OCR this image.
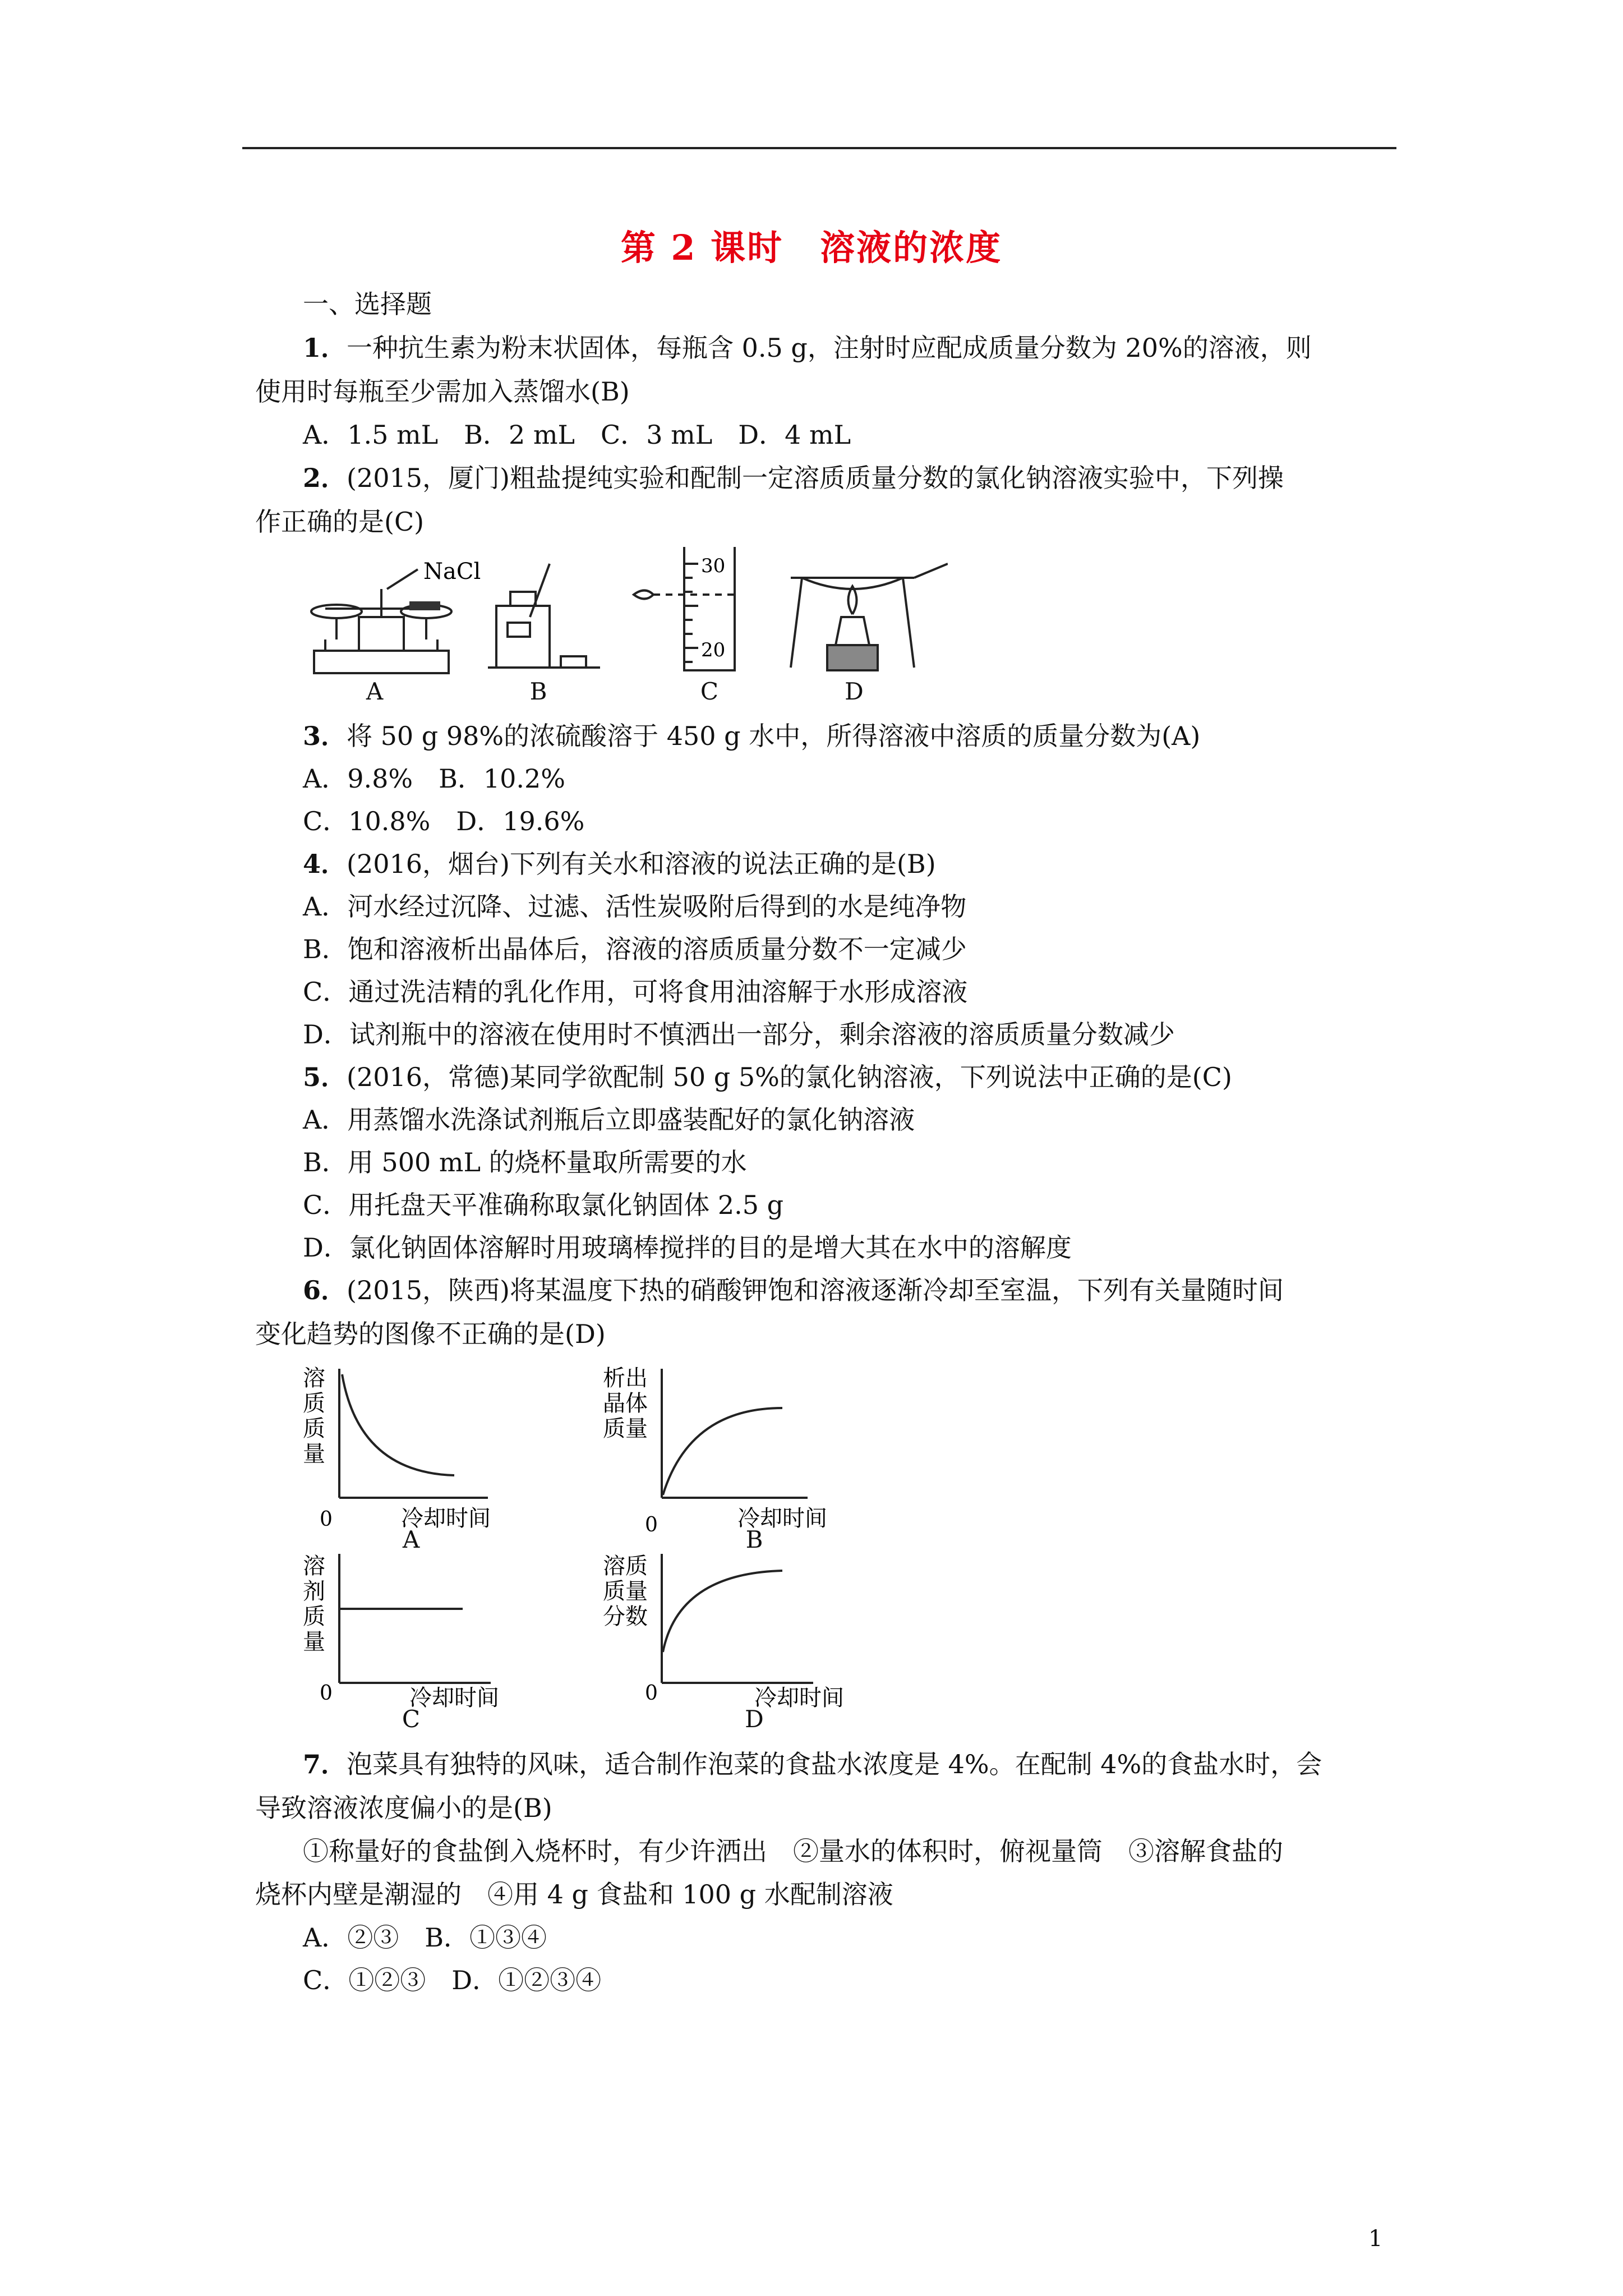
第 2 课时　溶液的浓度
一、选择题
1．一种抗生素为粉末状固体，每瓶含 0.5 g，注射时应配成质量分数为 20%的溶液，则
使用时每瓶至少需加入蒸馏水(B)
A．1.5 mL　B．2 mL　C．3 mL　D．4 mL
2．(2015，厦门)粗盐提纯实验和配制一定溶质质量分数的氯化钠溶液实验中，下列操
作正确的是(C)
NaCl
A	B
30
20
C	D
3．将 50 g 98%的浓硫酸溶于 450 g 水中，所得溶液中溶质的质量分数为(A)
A．9.8%　B．10.2%
C．10.8%　D．19.6%
4．(2016，烟台)下列有关水和溶液的说法正确的是(B)
A．河水经过沉降、过滤、活性炭吸附后得到的水是纯净物
B．饱和溶液析出晶体后，溶液的溶质质量分数不一定减少
C．通过洗洁精的乳化作用，可将食用油溶解于水形成溶液
D．试剂瓶中的溶液在使用时不慎洒出一部分，剩余溶液的溶质质量分数减少
5．(2016，常德)某同学欲配制 50 g 5%的氯化钠溶液，下列说法中正确的是(C)
A．用蒸馏水洗涤试剂瓶后立即盛装配好的氯化钠溶液
B．用 500 mL 的烧杯量取所需要的水
C．用托盘天平准确称取氯化钠固体 2.5 g
D．氯化钠固体溶解时用玻璃棒搅拌的目的是增大其在水中的溶解度
6．(2015，陕西)将某温度下热的硝酸钾饱和溶液逐渐冷却至室温，下列有关量随时间
变化趋势的图像不正确的是(D)
溶
质
质
量
0	冷却时间
A
析出
晶体
质量
0	冷却时间
B
溶
剂
质
量
0	冷却时间
C
溶质
质量
分数
0	冷却时间
D
7．泡菜具有独特的风味，适合制作泡菜的食盐水浓度是 4%。在配制 4%的食盐水时，会
导致溶液浓度偏小的是(B)
①称量好的食盐倒入烧杯时，有少许洒出　②量水的体积时，俯视量筒　③溶解食盐的
烧杯内壁是潮湿的　④用 4 g 食盐和 100 g 水配制溶液
A．②③　B．①③④
C．①②③　D．①②③④
1
